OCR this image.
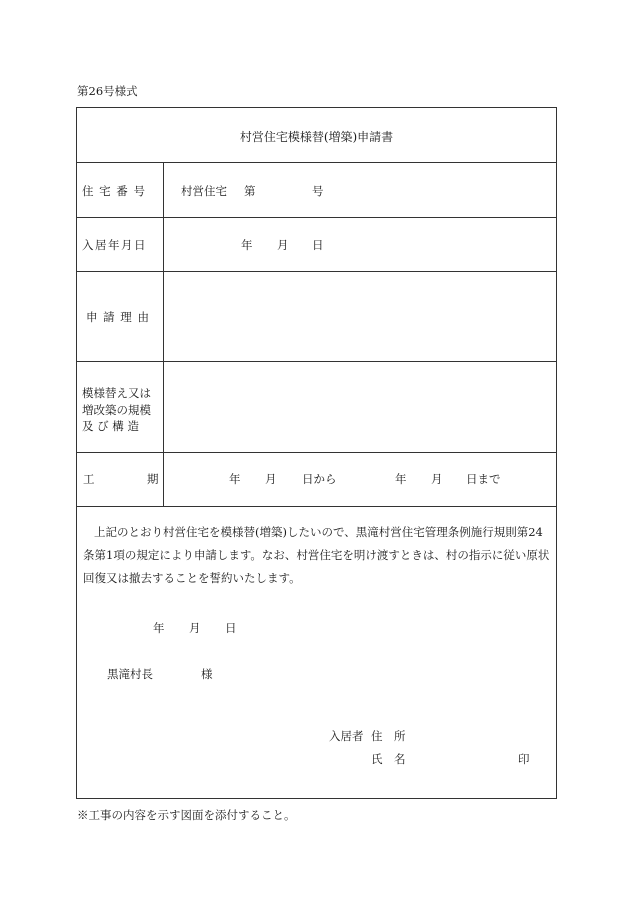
第26号様式
村営住宅模様替(増築)申請書
住 宅 番 号	村営住宅 第	号
入居年月日	年 月 日
申 請 理 由
模様替え又は
増改築の規模
及 び 構 造
工	期	年 月 日から	年 月 日まで
上記のとおり村営住宅を模様替(増築)したいので、黒滝村営住宅管理条例施行規則第24条第1項の規定により申請します。なお、村営住宅を明け渡すときは、村の指示に従い原状回復又は撤去することを誓約いたします。
年 月 日
黒滝村長	様
入居者 住　所
氏　名	印
※工事の内容を示す図面を添付すること。
